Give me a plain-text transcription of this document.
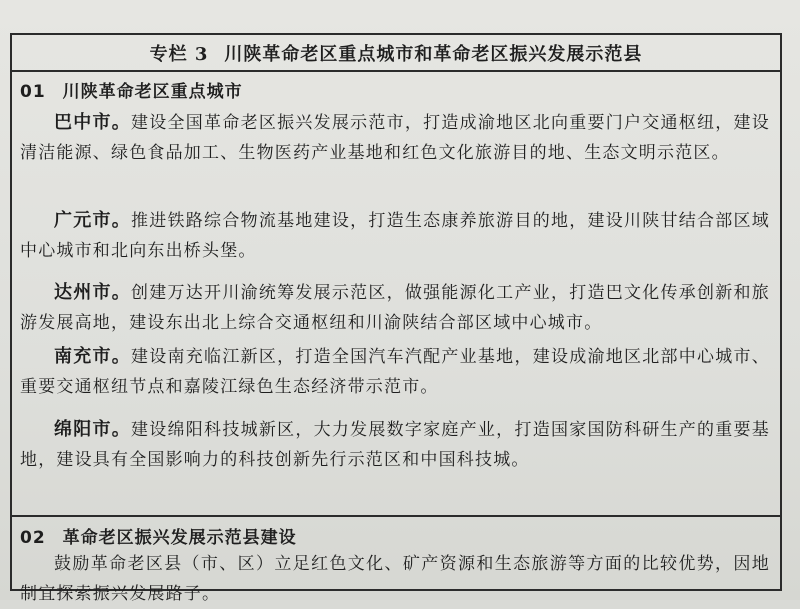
专栏 3 川陕革命老区重点城市和革命老区振兴发展示范县
01 川陕革命老区重点城市
巴中市。建设全国革命老区振兴发展示范市，打造成渝地区北向重要门户交通枢纽，建设清洁能源、绿色食品加工、生物医药产业基地和红色文化旅游目的地、生态文明示范区。
广元市。推进铁路综合物流基地建设，打造生态康养旅游目的地，建设川陕甘结合部区域中心城市和北向东出桥头堡。
达州市。创建万达开川渝统筹发展示范区，做强能源化工产业，打造巴文化传承创新和旅游发展高地，建设东出北上综合交通枢纽和川渝陕结合部区域中心城市。
南充市。建设南充临江新区，打造全国汽车汽配产业基地，建设成渝地区北部中心城市、重要交通枢纽节点和嘉陵江绿色生态经济带示范市。
绵阳市。建设绵阳科技城新区，大力发展数字家庭产业，打造国家国防科研生产的重要基地，建设具有全国影响力的科技创新先行示范区和中国科技城。
02 革命老区振兴发展示范县建设
鼓励革命老区县（市、区）立足红色文化、矿产资源和生态旅游等方面的比较优势，因地制宜探索振兴发展路子。
